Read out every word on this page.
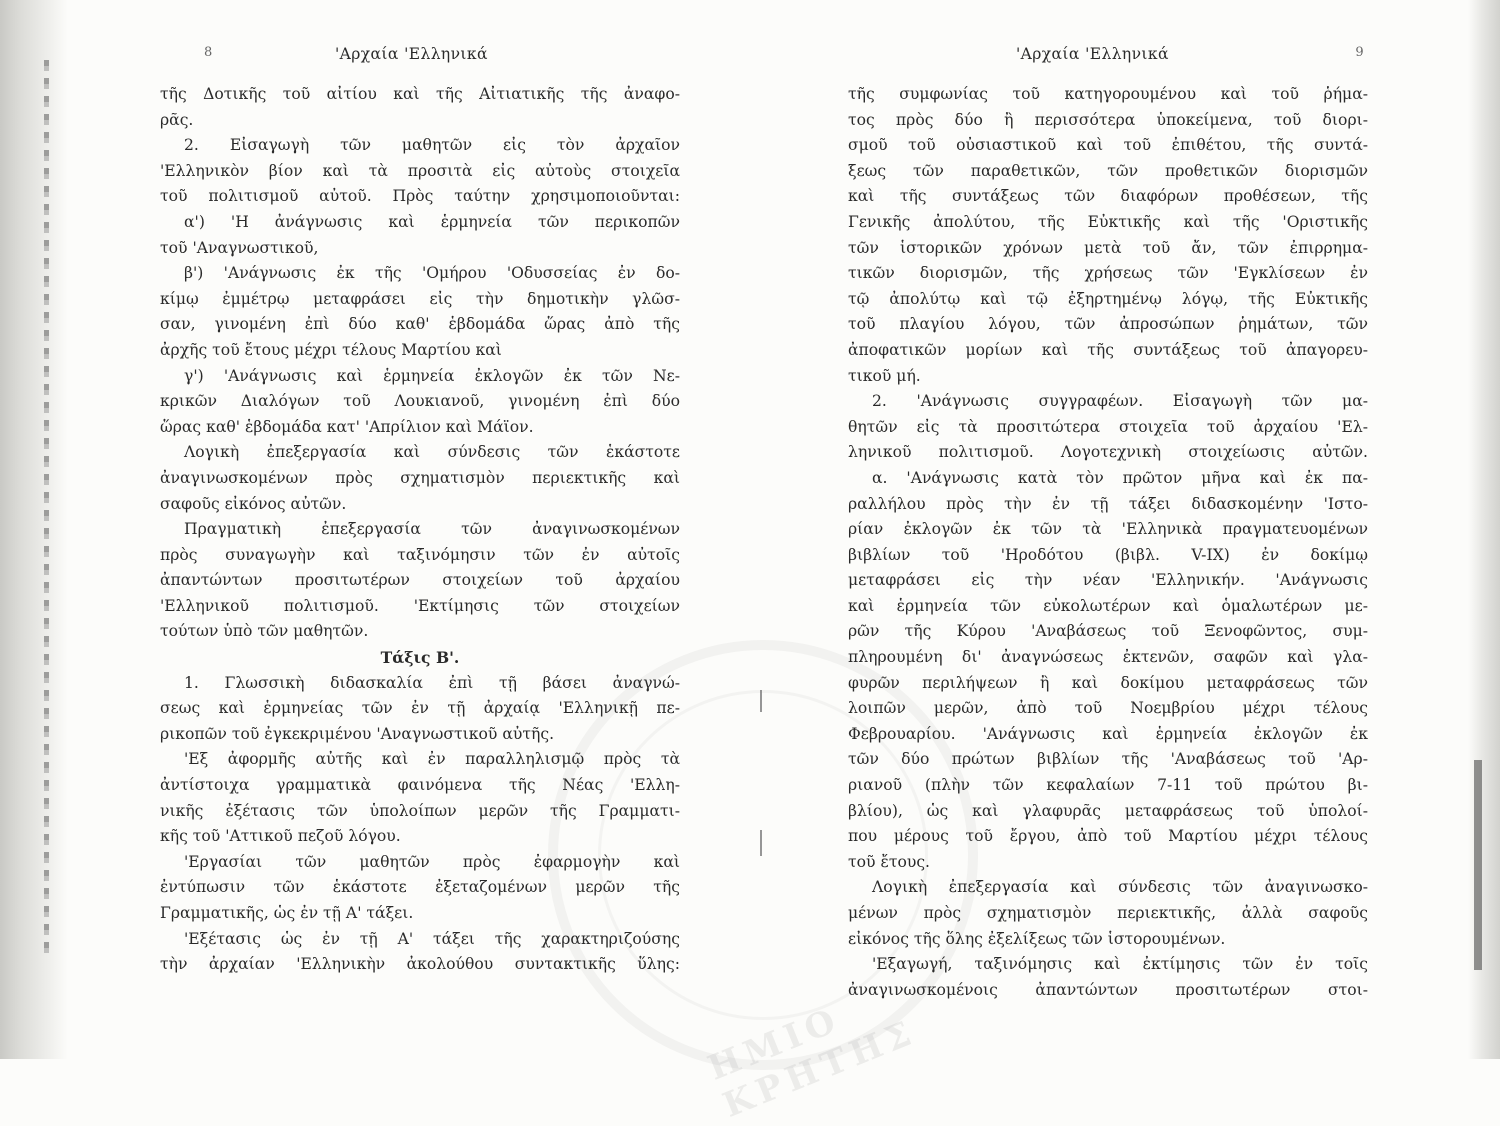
ΗΜΙΟ ΚΡΗΤΗΣ
8	'Αρχαία 'Ελληνικά
τῆς Δοτικῆς τοῦ αἰτίου καὶ τῆς Αἰτιατικῆς τῆς ἀναφο-
ρᾶς.
2. Εἰσαγωγὴ τῶν μαθητῶν εἰς τὸν ἀρχαῖον
'Ελληνικὸν βίον καὶ τὰ προσιτὰ εἰς αὐτοὺς στοιχεῖα
τοῦ πολιτισμοῦ αὐτοῦ. Πρὸς ταύτην χρησιμοποιοῦνται:
α') 'Η ἀνάγνωσις καὶ ἑρμηνεία τῶν περικοπῶν
τοῦ 'Αναγνωστικοῦ,
β') 'Ανάγνωσις ἐκ τῆς 'Ομήρου 'Οδυσσείας ἐν δο-
κίμῳ ἐμμέτρῳ μεταφράσει εἰς τὴν δημοτικὴν γλῶσ-
σαν, γινομένη ἐπὶ δύο καθ' ἑβδομάδα ὥρας ἀπὸ τῆς
ἀρχῆς τοῦ ἔτους μέχρι τέλους Μαρτίου καὶ
γ') 'Ανάγνωσις καὶ ἑρμηνεία ἐκλογῶν ἐκ τῶν Νε-
κρικῶν Διαλόγων τοῦ Λουκιανοῦ, γινομένη ἐπὶ δύο
ὥρας καθ' ἑβδομάδα κατ' 'Απρίλιον καὶ Μάϊον.
Λογικὴ ἐπεξεργασία καὶ σύνδεσις τῶν ἑκάστοτε
ἀναγινωσκομένων πρὸς σχηματισμὸν περιεκτικῆς καὶ
σαφοῦς εἰκόνος αὐτῶν.
Πραγματικὴ ἐπεξεργασία τῶν ἀναγινωσκομένων
πρὸς συναγωγὴν καὶ ταξινόμησιν τῶν ἐν αὐτοῖς
ἀπαντώντων προσιτωτέρων στοιχείων τοῦ ἀρχαίου
'Ελληνικοῦ πολιτισμοῦ. 'Εκτίμησις τῶν στοιχείων
τούτων ὑπὸ τῶν μαθητῶν.
Τάξις Β'.
1. Γλωσσικὴ διδασκαλία ἐπὶ τῇ βάσει ἀναγνώ-
σεως καὶ ἑρμηνείας τῶν ἐν τῇ ἀρχαίᾳ 'Ελληνικῇ πε-
ρικοπῶν τοῦ ἐγκεκριμένου 'Αναγνωστικοῦ αὐτῆς.
'Εξ ἀφορμῆς αὐτῆς καὶ ἐν παραλληλισμῷ πρὸς τὰ
ἀντίστοιχα γραμματικὰ φαινόμενα τῆς Νέας 'Ελλη-
νικῆς ἐξέτασις τῶν ὑπολοίπων μερῶν τῆς Γραμματι-
κῆς τοῦ 'Αττικοῦ πεζοῦ λόγου.
'Εργασίαι τῶν μαθητῶν πρὸς ἐφαρμογὴν καὶ
ἐντύπωσιν τῶν ἑκάστοτε ἐξεταζομένων μερῶν τῆς
Γραμματικῆς, ὡς ἐν τῇ Α' τάξει.
'Εξέτασις ὡς ἐν τῇ Α' τάξει τῆς χαρακτηριζούσης
τὴν ἀρχαίαν 'Ελληνικὴν ἀκολούθου συντακτικῆς ὕλης:
'Αρχαία 'Ελληνικά	9
τῆς συμφωνίας τοῦ κατηγορουμένου καὶ τοῦ ῥήμα-
τος πρὸς δύο ἢ περισσότερα ὑποκείμενα, τοῦ διορι-
σμοῦ τοῦ οὐσιαστικοῦ καὶ τοῦ ἐπιθέτου, τῆς συντά-
ξεως τῶν παραθετικῶν, τῶν προθετικῶν διορισμῶν
καὶ τῆς συντάξεως τῶν διαφόρων προθέσεων, τῆς
Γενικῆς ἀπολύτου, τῆς Εὐκτικῆς καὶ τῆς 'Οριστικῆς
τῶν ἱστορικῶν χρόνων μετὰ τοῦ ἄν, τῶν ἐπιρρημα-
τικῶν διορισμῶν, τῆς χρήσεως τῶν 'Εγκλίσεων ἐν
τῷ ἀπολύτῳ καὶ τῷ ἐξηρτημένῳ λόγῳ, τῆς Εὐκτικῆς
τοῦ πλαγίου λόγου, τῶν ἀπροσώπων ῥημάτων, τῶν
ἀποφατικῶν μορίων καὶ τῆς συντάξεως τοῦ ἀπαγορευ-
τικοῦ μή.
2. 'Ανάγνωσις συγγραφέων. Εἰσαγωγὴ τῶν μα-
θητῶν εἰς τὰ προσιτώτερα στοιχεῖα τοῦ ἀρχαίου 'Ελ-
ληνικοῦ πολιτισμοῦ. Λογοτεχνικὴ στοιχείωσις αὐτῶν.
α. 'Ανάγνωσις κατὰ τὸν πρῶτον μῆνα καὶ ἐκ πα-
ραλλήλου πρὸς τὴν ἐν τῇ τάξει διδασκομένην 'Ιστο-
ρίαν ἐκλογῶν ἐκ τῶν τὰ 'Ελληνικὰ πραγματευομένων
βιβλίων τοῦ 'Ηροδότου (βιβλ. V-IX) ἐν δοκίμῳ
μεταφράσει εἰς τὴν νέαν 'Ελληνικήν. 'Ανάγνωσις
καὶ ἑρμηνεία τῶν εὐκολωτέρων καὶ ὁμαλωτέρων με-
ρῶν τῆς Κύρου 'Αναβάσεως τοῦ Ξενοφῶντος, συμ-
πληρουμένη δι' ἀναγνώσεως ἐκτενῶν, σαφῶν καὶ γλα-
φυρῶν περιλήψεων ἢ καὶ δοκίμου μεταφράσεως τῶν
λοιπῶν μερῶν, ἀπὸ τοῦ Νοεμβρίου μέχρι τέλους
Φεβρουαρίου. 'Ανάγνωσις καὶ ἑρμηνεία ἐκλογῶν ἐκ
τῶν δύο πρώτων βιβλίων τῆς 'Αναβάσεως τοῦ 'Αρ-
ριανοῦ (πλὴν τῶν κεφαλαίων 7-11 τοῦ πρώτου βι-
βλίου), ὡς καὶ γλαφυρᾶς μεταφράσεως τοῦ ὑπολοί-
που μέρους τοῦ ἔργου, ἀπὸ τοῦ Μαρτίου μέχρι τέλους
τοῦ ἔτους.
Λογικὴ ἐπεξεργασία καὶ σύνδεσις τῶν ἀναγινωσκο-
μένων πρὸς σχηματισμὸν περιεκτικῆς, ἀλλὰ σαφοῦς
εἰκόνος τῆς ὅλης ἐξελίξεως τῶν ἱστορουμένων.
'Εξαγωγή, ταξινόμησις καὶ ἐκτίμησις τῶν ἐν τοῖς
ἀναγινωσκομένοις ἀπαντώντων προσιτωτέρων στοι-
